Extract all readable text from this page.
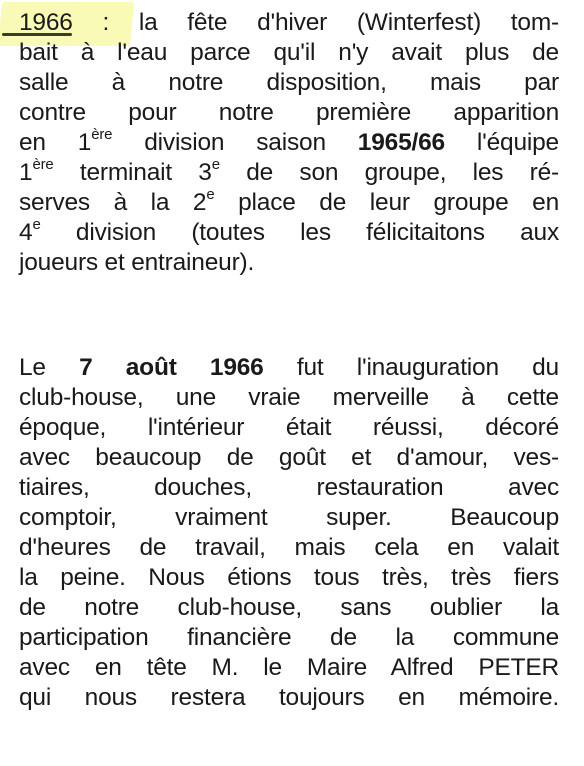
1966 : la fête d'hiver (Winterfest) tom-
bait à l'eau parce qu'il n'y avait plus de
salle à notre disposition, mais par
contre pour notre première apparition
en 1ère division saison 1965/66 l'équipe
1ère terminait 3e de son groupe, les ré-
serves à la 2e place de leur groupe en
4e division (toutes les félicitaitons aux
joueurs et entraineur).
Le 7 août 1966 fut l'inauguration du
club-house, une vraie merveille à cette
époque, l'intérieur était réussi, décoré
avec beaucoup de goût et d'amour, ves-
tiaires, douches, restauration avec
comptoir, vraiment super. Beaucoup
d'heures de travail, mais cela en valait
la peine. Nous étions tous très, très fiers
de notre club-house, sans oublier la
participation financière de la commune
avec en tête M. le Maire Alfred PETER
qui nous restera toujours en mémoire.
